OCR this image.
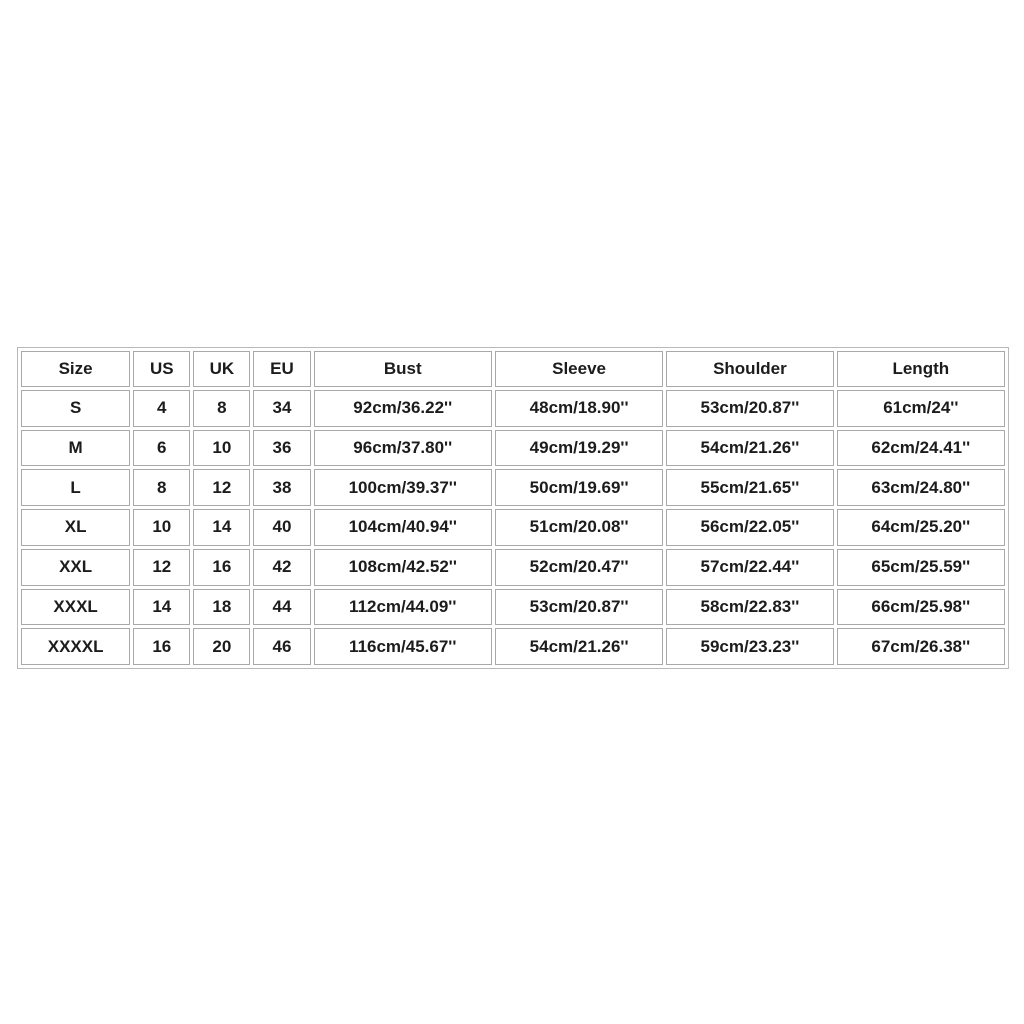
Size	US	UK	EU	Bust	Sleeve	Shoulder	Length
S	4	8	34	92cm/36.22''	48cm/18.90''	53cm/20.87''	61cm/24''
M	6	10	36	96cm/37.80''	49cm/19.29''	54cm/21.26''	62cm/24.41''
L	8	12	38	100cm/39.37''	50cm/19.69''	55cm/21.65''	63cm/24.80''
XL	10	14	40	104cm/40.94''	51cm/20.08''	56cm/22.05''	64cm/25.20''
XXL	12	16	42	108cm/42.52''	52cm/20.47''	57cm/22.44''	65cm/25.59''
XXXL	14	18	44	112cm/44.09''	53cm/20.87''	58cm/22.83''	66cm/25.98''
XXXXL	16	20	46	116cm/45.67''	54cm/21.26''	59cm/23.23''	67cm/26.38''
